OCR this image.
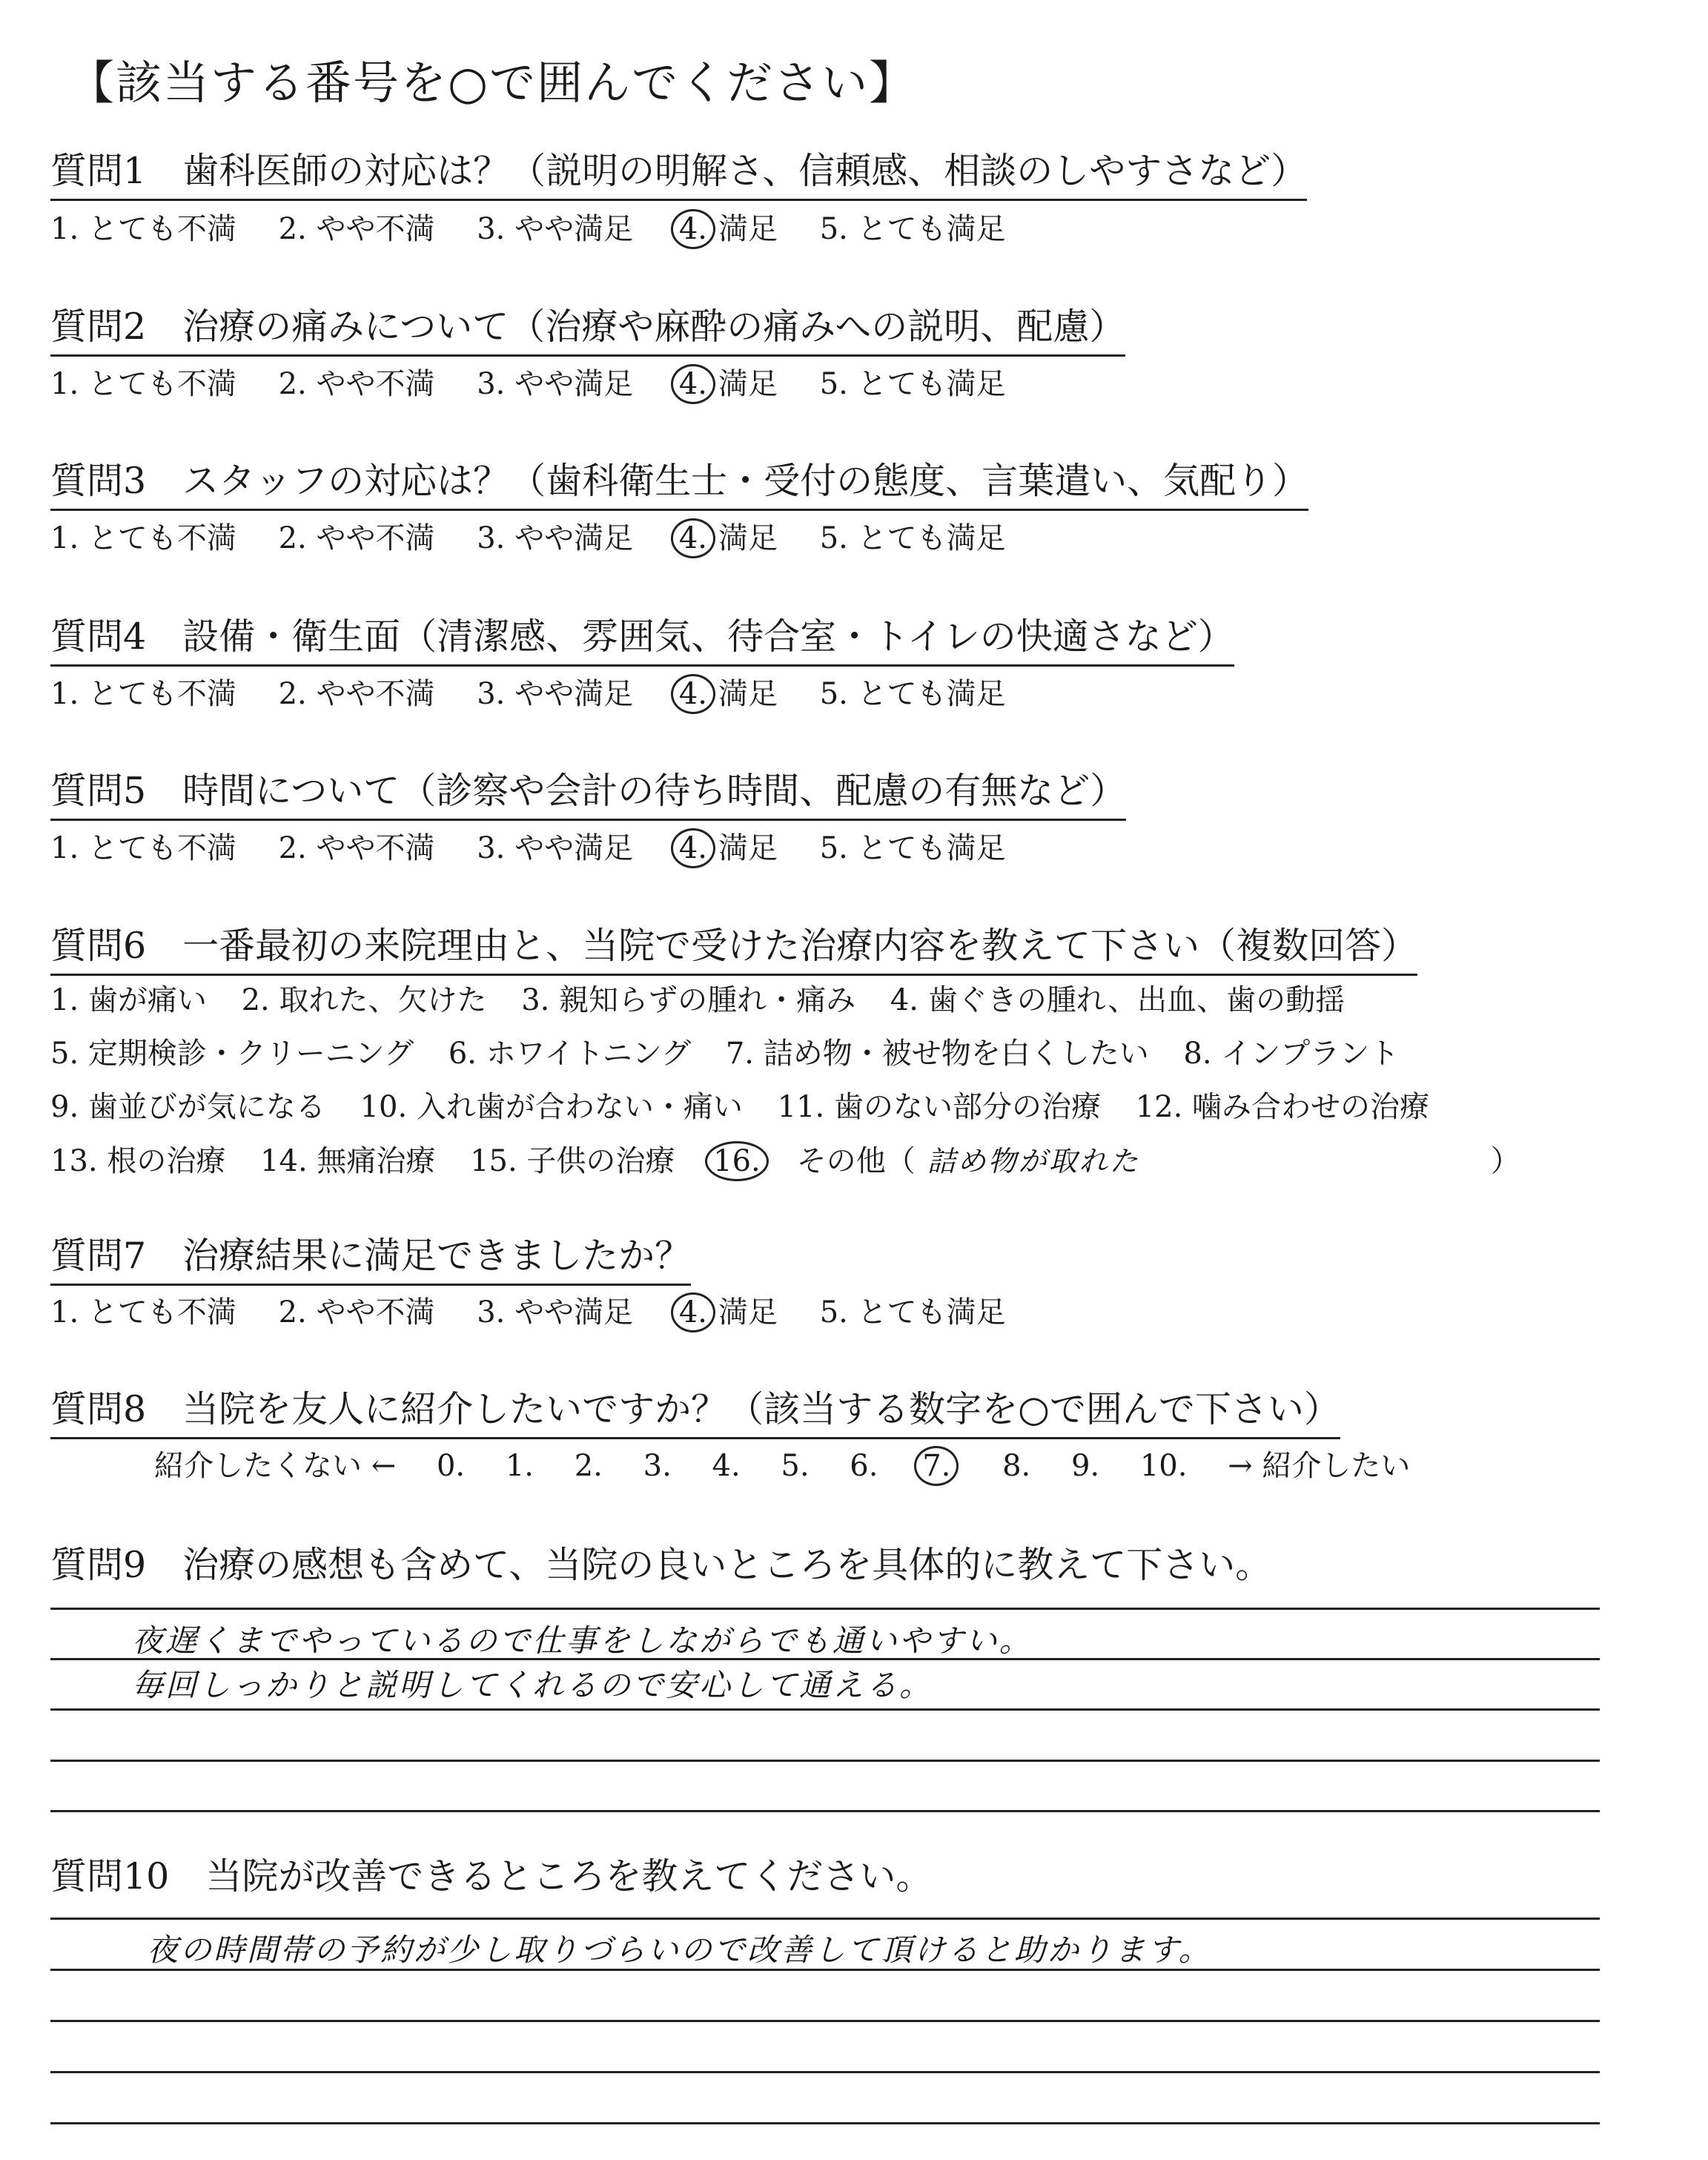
【該当する番号を○で囲んでください】
質問1　歯科医師の対応は？（説明の明解さ、信頼感、相談のしやすさなど）
1. とても不満 2. やや不満 3. やや満足 4. 満足 5. とても満足
質問2　治療の痛みについて（治療や麻酔の痛みへの説明、配慮）
1. とても不満 2. やや不満 3. やや満足 4. 満足 5. とても満足
質問3　スタッフの対応は？（歯科衛生士・受付の態度、言葉遣い、気配り）
1. とても不満 2. やや不満 3. やや満足 4. 満足 5. とても満足
質問4　設備・衛生面（清潔感、雰囲気、待合室・トイレの快適さなど）
1. とても不満 2. やや不満 3. やや満足 4. 満足 5. とても満足
質問5　時間について（診察や会計の待ち時間、配慮の有無など）
1. とても不満 2. やや不満 3. やや満足 4. 満足 5. とても満足
質問6　一番最初の来院理由と、当院で受けた治療内容を教えて下さい（複数回答）
1. 歯が痛い 2. 取れた、欠けた 3. 親知らずの腫れ・痛み 4. 歯ぐきの腫れ、出血、歯の動揺
5. 定期検診・クリーニング 6. ホワイトニング 7. 詰め物・被せ物を白くしたい 8. インプラント
9. 歯並びが気になる 10. 入れ歯が合わない・痛い 11. 歯のない部分の治療 12. 噛み合わせの治療
13. 根の治療 14. 無痛治療 15. 子供の治療 16. その他（ 詰め物が取れた	）
質問7　治療結果に満足できましたか？
1. とても不満 2. やや不満 3. やや満足 4. 満足 5. とても満足
質問8　当院を友人に紹介したいですか？（該当する数字を○で囲んで下さい）
紹介したくない ← 0. 1. 2. 3. 4. 5. 6. 7. 8. 9. 10. → 紹介したい
質問9　治療の感想も含めて、当院の良いところを具体的に教えて下さい。
夜遅くまでやっているので仕事をしながらでも通いやすい。
毎回しっかりと説明してくれるので安心して通える。
質問10　当院が改善できるところを教えてください。
夜の時間帯の予約が少し取りづらいので改善して頂けると助かります。
